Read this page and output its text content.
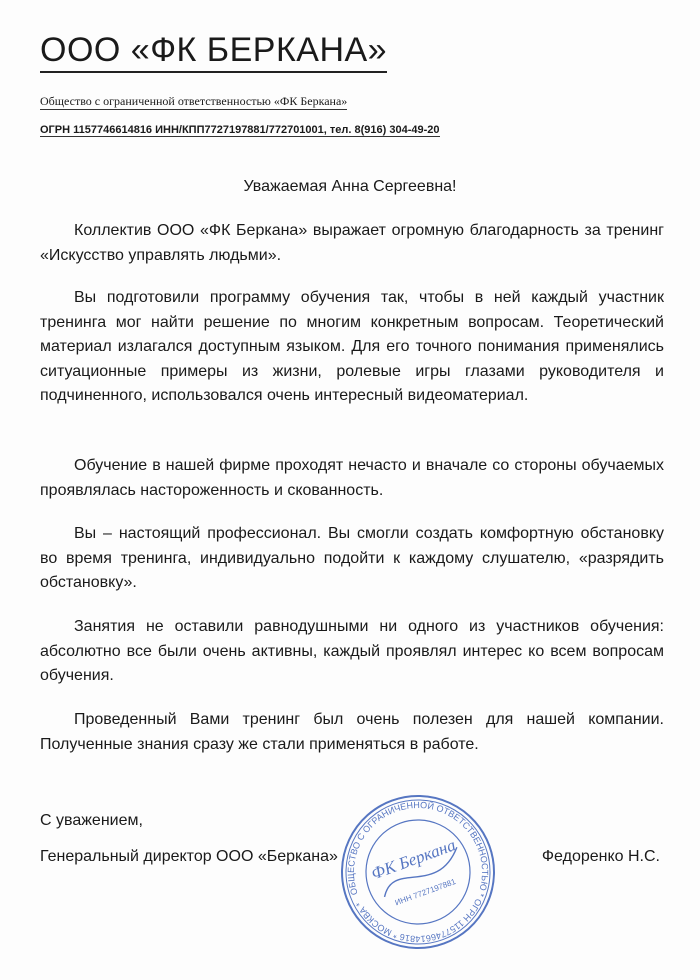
ООО «ФК БЕРКАНА»
Общество с ограниченной ответственностью «ФК Беркана»
ОГРН 1157746614816 ИНН/КПП7727197881/772701001, тел. 8(916) 304-49-20
Уважаемая Анна Сергеевна!

Коллектив ООО «ФК Беркана» выражает огромную благодарность за тренинг «Искусство управлять людьми».

Вы подготовили программу обучения так, чтобы в ней каждый участник тренинга мог найти решение по многим конкретным вопросам. Теоретический материал излагался доступным языком. Для его точного понимания применялись ситуационные примеры из жизни, ролевые игры глазами руководителя и подчиненного, использовался очень интересный видеоматериал.

Обучение в нашей фирме проходят нечасто и вначале со стороны обучаемых проявлялась настороженность и скованность.

Вы – настоящий профессионал. Вы смогли создать комфортную обстановку во время тренинга, индивидуально подойти к каждому слушателю, «разрядить обстановку».

Занятия не оставили равнодушными ни одного из участников обучения: абсолютно все были очень активны, каждый проявлял интерес ко всем вопросам обучения.

Проведенный Вами тренинг был очень полезен для нашей компании. Полученные знания сразу же стали применяться в работе.

С уважением,
Генеральный директор ООО «Беркана»	Федоренко Н.С.
ОБЩЕСТВО С ОГРАНИЧЕННОЙ ОТВЕТСТВЕННОСТЬЮ * ОГРН 1157746614816 * МОСКВА *
ФК Беркана
ИНН 7727197881
